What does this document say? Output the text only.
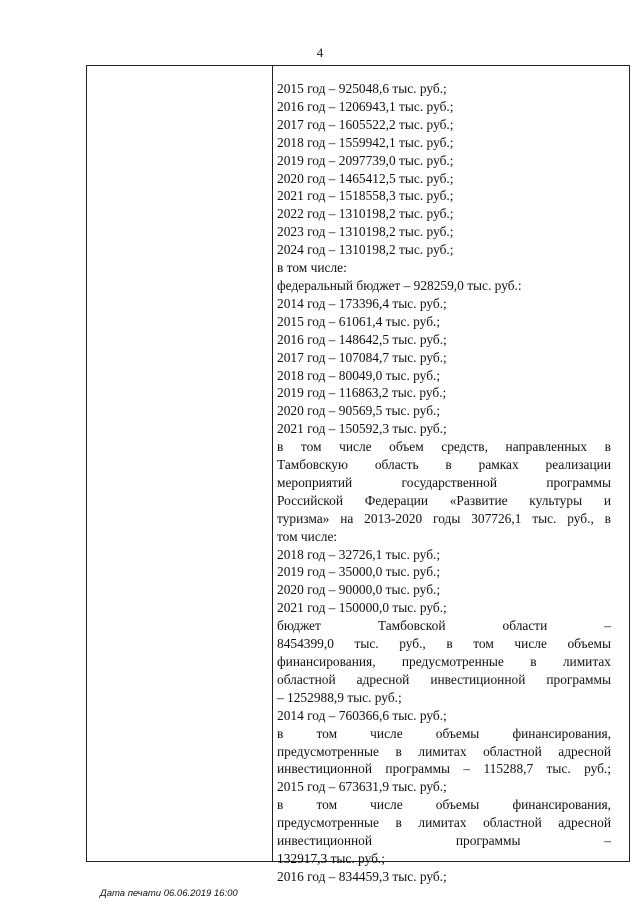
4
2015 год – 925048,6 тыс. руб.;
2016 год – 1206943,1 тыс. руб.;
2017 год – 1605522,2 тыс. руб.;
2018 год – 1559942,1 тыс. руб.;
2019 год – 2097739,0 тыс. руб.;
2020 год – 1465412,5 тыс. руб.;
2021 год – 1518558,3 тыс. руб.;
2022 год – 1310198,2 тыс. руб.;
2023 год – 1310198,2 тыс. руб.;
2024 год – 1310198,2 тыс. руб.;
в том числе:
федеральный бюджет – 928259,0 тыс. руб.:
2014 год – 173396,4 тыс. руб.;
2015 год – 61061,4 тыс. руб.;
2016 год – 148642,5 тыс. руб.;
2017 год – 107084,7 тыс. руб.;
2018 год – 80049,0 тыс. руб.;
2019 год – 116863,2 тыс. руб.;
2020 год – 90569,5 тыс. руб.;
2021 год – 150592,3 тыс. руб.;
в том числе объем средств, направленных в
Тамбовскую область в рамках реализации
мероприятий государственной программы
Российской Федерации «Развитие культуры и
туризма» на 2013-2020 годы 307726,1 тыс. руб., в
том числе:
2018 год – 32726,1 тыс. руб.;
2019 год – 35000,0 тыс. руб.;
2020 год – 90000,0 тыс. руб.;
2021 год – 150000,0 тыс. руб.;
бюджет Тамбовской области –
8454399,0 тыс. руб., в том числе объемы
финансирования, предусмотренные в лимитах
областной адресной инвестиционной программы
– 1252988,9 тыс. руб.;
2014 год – 760366,6 тыс. руб.;
в том числе объемы финансирования,
предусмотренные в лимитах областной адресной
инвестиционной программы – 115288,7 тыс. руб.;
2015 год – 673631,9 тыс. руб.;
в том числе объемы финансирования,
предусмотренные в лимитах областной адресной
инвестиционной программы –
132917,3 тыс. руб.;
2016 год – 834459,3 тыс. руб.;
Дата печати 06.06.2019 16:00
